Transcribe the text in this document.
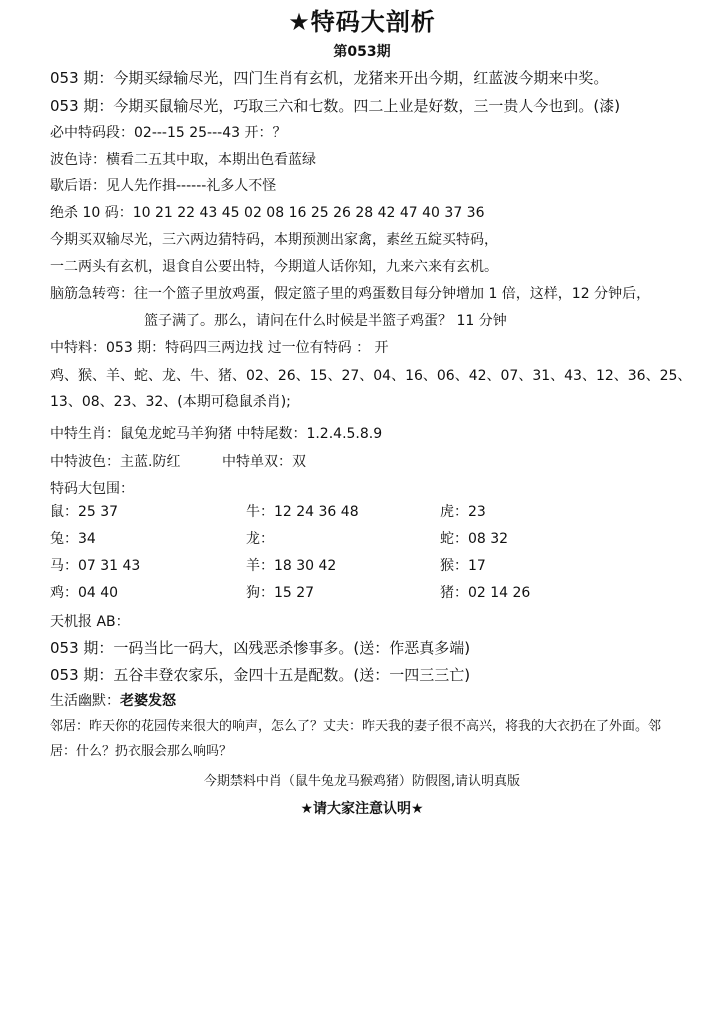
★特码大剖析
第053期
053 期：今期买绿输尽光，四门生肖有玄机，龙猪来开出今期，红蓝波今期来中奖。
053 期：今期买鼠输尽光，巧取三六和七数。四二上业是好数，三一贵人今也到。(漆)
必中特码段：02---15 25---43 开：？
波色诗：横看二五其中取，本期出色看蓝绿
歇后语：见人先作揖------礼多人不怪
绝杀 10 码：10 21 22 43 45 02 08 16 25 26 28 42 47 40 37 36
今期买双输尽光，三六两边猜特码，本期预测出家禽，素丝五綻买特码，
一二两头有玄机，退食自公要出特，今期道人话你知，九来六来有玄机。
脑筋急转弯：往一个篮子里放鸡蛋，假定篮子里的鸡蛋数目每分钟增加 1 倍，这样，12 分钟后，
篮子满了。那么，请问在什么时候是半篮子鸡蛋？ 11 分钟
中特料：053 期：特码四三两边找 过一位有特码 ： 开
鸡、猴、羊、蛇、龙、牛、猪、02、26、15、27、04、16、06、42、07、31、43、12、36、25、
13、08、23、32、(本期可稳鼠杀肖);
中特生肖：鼠兔龙蛇马羊狗猪 中特尾数：1.2.4.5.8.9
中特波色：主蓝.防红	中特单双：双
特码大包围：
鼠：25 37	牛：12 24 36 48	虎：23
兔：34	龙：	蛇：08 32
马：07 31 43	羊：18 30 42	猴：17
鸡：04 40	狗：15 27	猪：02 14 26
天机报 AB：
053 期：一码当比一码大，凶残恶杀惨事多。(送：作恶真多端)
053 期：五谷丰登农家乐，金四十五是配数。(送：一四三三亡)
生活幽默：老婆发怒
邻居：昨天你的花园传来很大的响声，怎么了？丈夫：昨天我的妻子很不高兴，将我的大衣扔在了外面。邻
居：什么？扔衣服会那么响吗？
今期禁料中肖（鼠牛兔龙马猴鸡猪）防假图,请认明真版
★请大家注意认明★
